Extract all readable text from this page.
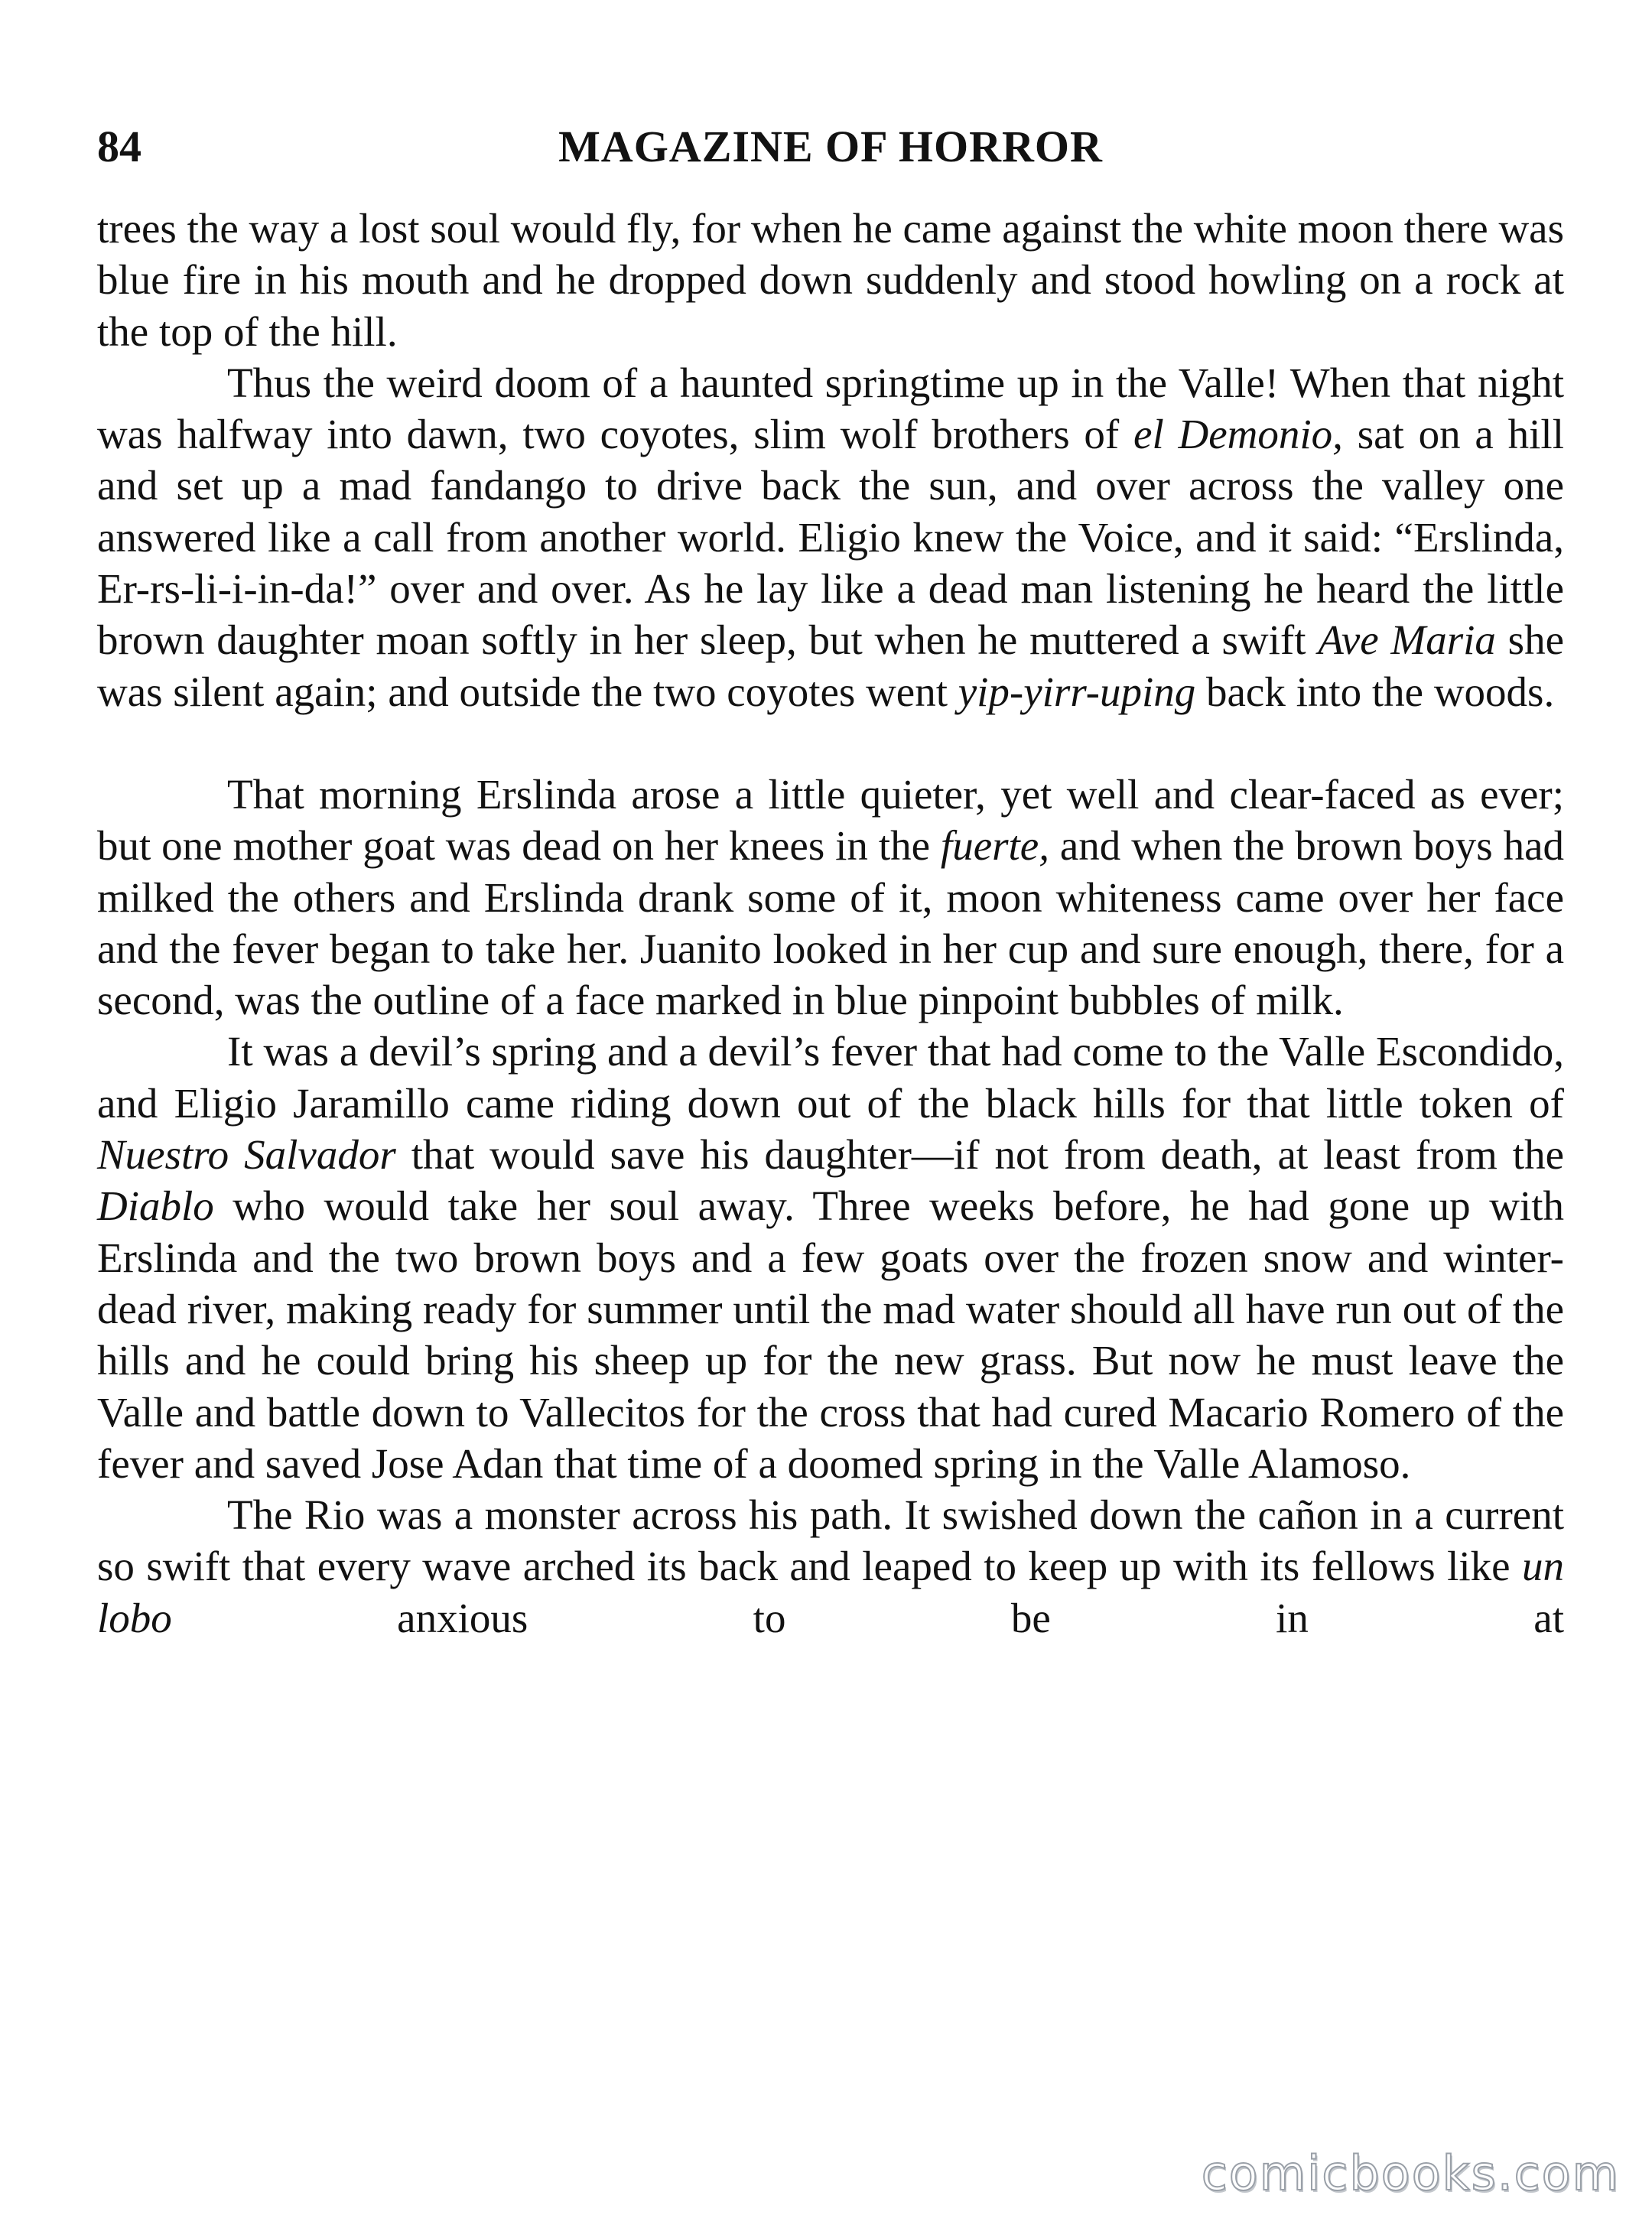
84	MAGAZINE OF HORROR

trees the way a lost soul would fly, for when he came against the white moon there was blue fire in his mouth and he dropped down suddenly and stood howling on a rock at the top of the hill.

Thus the weird doom of a haunted springtime up in the Valle! When that night was halfway into dawn, two coyotes, slim wolf brothers of el Demonio, sat on a hill and set up a mad fandango to drive back the sun, and over across the valley one answered like a call from another world. Eligio knew the Voice, and it said: “Erslinda, Er-rs-li-i-in-da!” over and over. As he lay like a dead man listening he heard the little brown daughter moan softly in her sleep, but when he muttered a swift Ave Maria she was silent again; and outside the two coyotes went yip-yirr-uping back into the woods.

That morning Erslinda arose a little quieter, yet well and clear-faced as ever; but one mother goat was dead on her knees in the fuerte, and when the brown boys had milked the others and Erslinda drank some of it, moon whiteness came over her face and the fever began to take her. Juanito looked in her cup and sure enough, there, for a second, was the outline of a face marked in blue pinpoint bubbles of milk.

It was a devil’s spring and a devil’s fever that had come to the Valle Escondido, and Eligio Jaramillo came riding down out of the black hills for that little token of Nuestro Salvador that would save his daughter—if not from death, at least from the Diablo who would take her soul away. Three weeks before, he had gone up with Erslinda and the two brown boys and a few goats over the frozen snow and winter-dead river, making ready for summer until the mad water should all have run out of the hills and he could bring his sheep up for the new grass. But now he must leave the Valle and battle down to Vallecitos for the cross that had cured Macario Romero of the fever and saved Jose Adan that time of a doomed spring in the Valle Alamoso.

The Rio was a monster across his path. It swished down the cañon in a current so swift that every wave arched its back and leaped to keep up with its fellows like un lobo anxious to be in at

comicbooks.com
